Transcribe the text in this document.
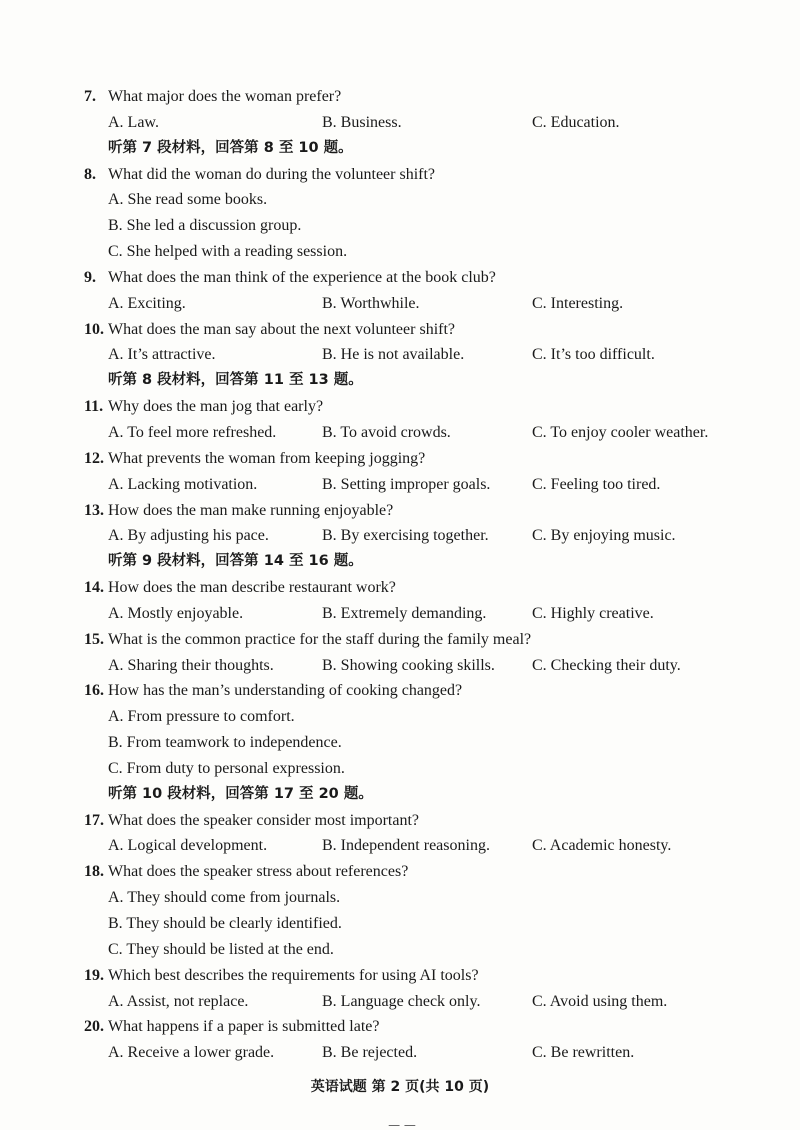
7. What major does the woman prefer?
A. Law.	B. Business.	C. Education.
听第 7 段材料，回答第 8 至 10 题。
8. What did the woman do during the volunteer shift?
A. She read some books.
B. She led a discussion group.
C. She helped with a reading session.
9. What does the man think of the experience at the book club?
A. Exciting.	B. Worthwhile.	C. Interesting.
10. What does the man say about the next volunteer shift?
A. It’s attractive.	B. He is not available.	C. It’s too difficult.
听第 8 段材料，回答第 11 至 13 题。
11. Why does the man jog that early?
A. To feel more refreshed.	B. To avoid crowds.	C. To enjoy cooler weather.
12. What prevents the woman from keeping jogging?
A. Lacking motivation.	B. Setting improper goals.	C. Feeling too tired.
13. How does the man make running enjoyable?
A. By adjusting his pace.	B. By exercising together.	C. By enjoying music.
听第 9 段材料，回答第 14 至 16 题。
14. How does the man describe restaurant work?
A. Mostly enjoyable.	B. Extremely demanding.	C. Highly creative.
15. What is the common practice for the staff during the family meal?
A. Sharing their thoughts.	B. Showing cooking skills. C. Checking their duty.
16. How has the man’s understanding of cooking changed?
A. From pressure to comfort.
B. From teamwork to independence.
C. From duty to personal expression.
听第 10 段材料，回答第 17 至 20 题。
17. What does the speaker consider most important?
A. Logical development.	B. Independent reasoning.	C. Academic honesty.
18. What does the speaker stress about references?
A. They should come from journals.
B. They should be clearly identified.
C. They should be listed at the end.
19. Which best describes the requirements for using AI tools?
A. Assist, not replace.	B. Language check only.	C. Avoid using them.
20. What happens if a paper is submitted late?
A. Receive a lower grade.	B. Be rejected.	C. Be rewritten.
英语试题 第 2 页(共 10 页)
— —
